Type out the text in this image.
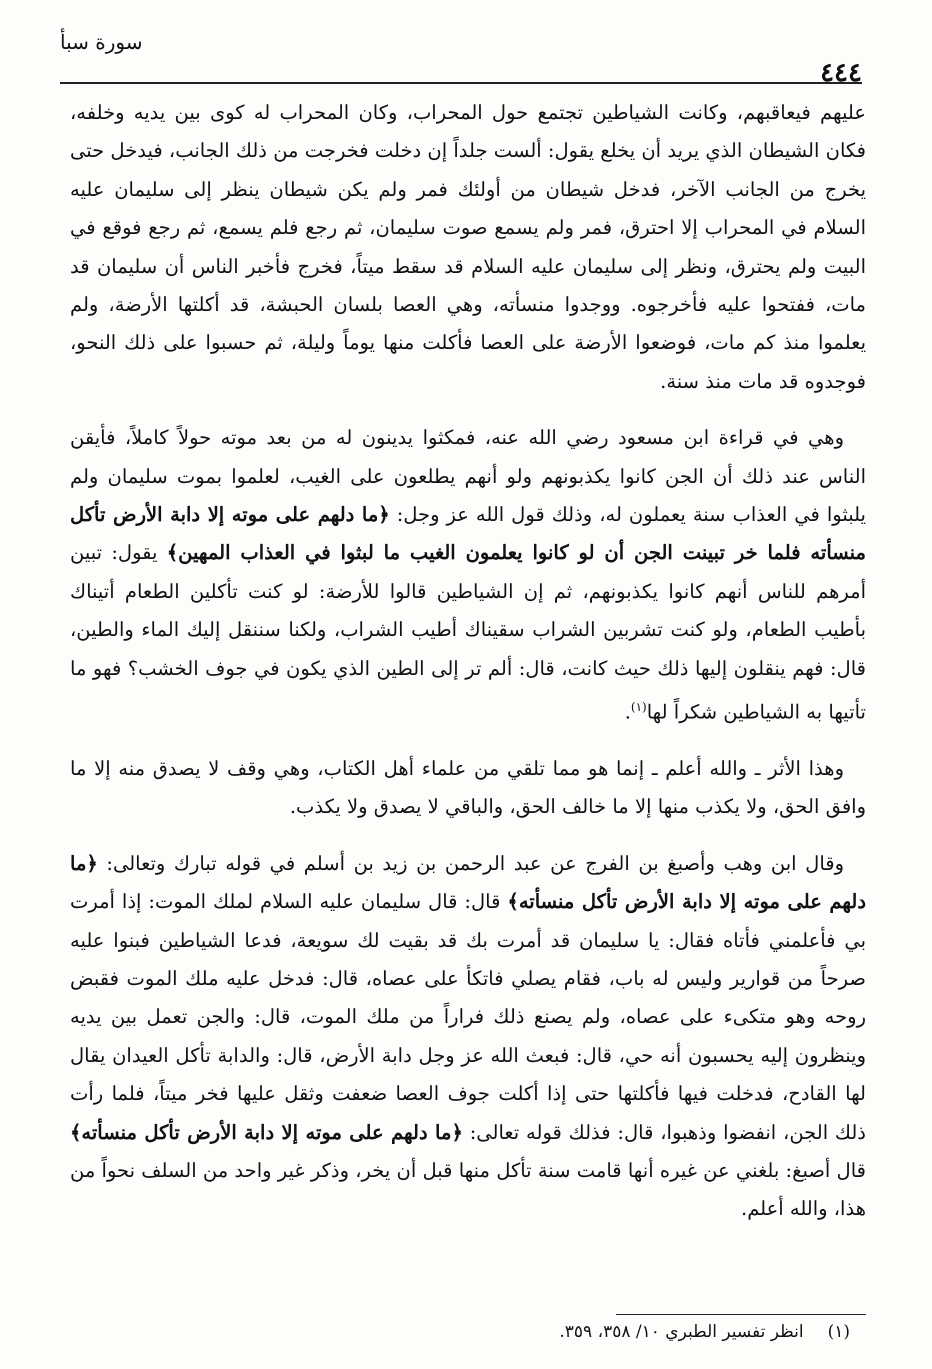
سورة سبأ
٤٤٤

عليهم فيعاقبهم، وكانت الشياطين تجتمع حول المحراب، وكان المحراب له كوى بين يديه وخلفه، فكان الشيطان الذي يريد أن يخلع يقول: ألست جلداً إن دخلت فخرجت من ذلك الجانب، فيدخل حتى يخرج من الجانب الآخر، فدخل شيطان من أولئك فمر ولم يكن شيطان ينظر إلى سليمان عليه السلام في المحراب إلا احترق، فمر ولم يسمع صوت سليمان، ثم رجع فلم يسمع، ثم رجع فوقع في البيت ولم يحترق، ونظر إلى سليمان عليه السلام قد سقط ميتاً، فخرج فأخبر الناس أن سليمان قد مات، ففتحوا عليه فأخرجوه. ووجدوا منسأته، وهي العصا بلسان الحبشة، قد أكلتها الأرضة، ولم يعلموا منذ كم مات، فوضعوا الأرضة على العصا فأكلت منها يوماً وليلة، ثم حسبوا على ذلك النحو، فوجدوه قد مات منذ سنة.

وهي في قراءة ابن مسعود رضي الله عنه، فمكثوا يدينون له من بعد موته حولاً كاملاً، فأيقن الناس عند ذلك أن الجن كانوا يكذبونهم ولو أنهم يطلعون على الغيب، لعلموا بموت سليمان ولم يلبثوا في العذاب سنة يعملون له، وذلك قول الله عز وجل: ﴿ما دلهم على موته إلا دابة الأرض تأكل منسأته فلما خر تبينت الجن أن لو كانوا يعلمون الغيب ما لبثوا في العذاب المهين﴾ يقول: تبين أمرهم للناس أنهم كانوا يكذبونهم، ثم إن الشياطين قالوا للأرضة: لو كنت تأكلين الطعام أتيناك بأطيب الطعام، ولو كنت تشربين الشراب سقيناك أطيب الشراب، ولكنا سننقل إليك الماء والطين، قال: فهم ينقلون إليها ذلك حيث كانت، قال: ألم تر إلى الطين الذي يكون في جوف الخشب؟ فهو ما تأتيها به الشياطين شكراً لها$^{(١)}$.

وهذا الأثر ـ والله أعلم ـ إنما هو مما تلقي من علماء أهل الكتاب، وهي وقف لا يصدق منه إلا ما وافق الحق، ولا يكذب منها إلا ما خالف الحق، والباقي لا يصدق ولا يكذب.

وقال ابن وهب وأصبغ بن الفرج عن عبد الرحمن بن زيد بن أسلم في قوله تبارك وتعالى: ﴿ما دلهم على موته إلا دابة الأرض تأكل منسأته﴾ قال: قال سليمان عليه السلام لملك الموت: إذا أمرت بي فأعلمني فأتاه فقال: يا سليمان قد أمرت بك قد بقيت لك سويعة، فدعا الشياطين فبنوا عليه صرحاً من قوارير وليس له باب، فقام يصلي فاتكأ على عصاه، قال: فدخل عليه ملك الموت فقبض روحه وهو متكىء على عصاه، ولم يصنع ذلك فراراً من ملك الموت، قال: والجن تعمل بين يديه وينظرون إليه يحسبون أنه حي، قال: فبعث الله عز وجل دابة الأرض، قال: والدابة تأكل العيدان يقال لها القادح، فدخلت فيها فأكلتها حتى إذا أكلت جوف العصا ضعفت وثقل عليها فخر ميتاً، فلما رأت ذلك الجن، انفضوا وذهبوا، قال: فذلك قوله تعالى: ﴿ما دلهم على موته إلا دابة الأرض تأكل منسأته﴾ قال أصبغ: بلغني عن غيره أنها قامت سنة تأكل منها قبل أن يخر، وذكر غير واحد من السلف نحواً من هذا، والله أعلم.

(١)انظر تفسير الطبري ١٠/ ٣٥٨، ٣٥٩.
